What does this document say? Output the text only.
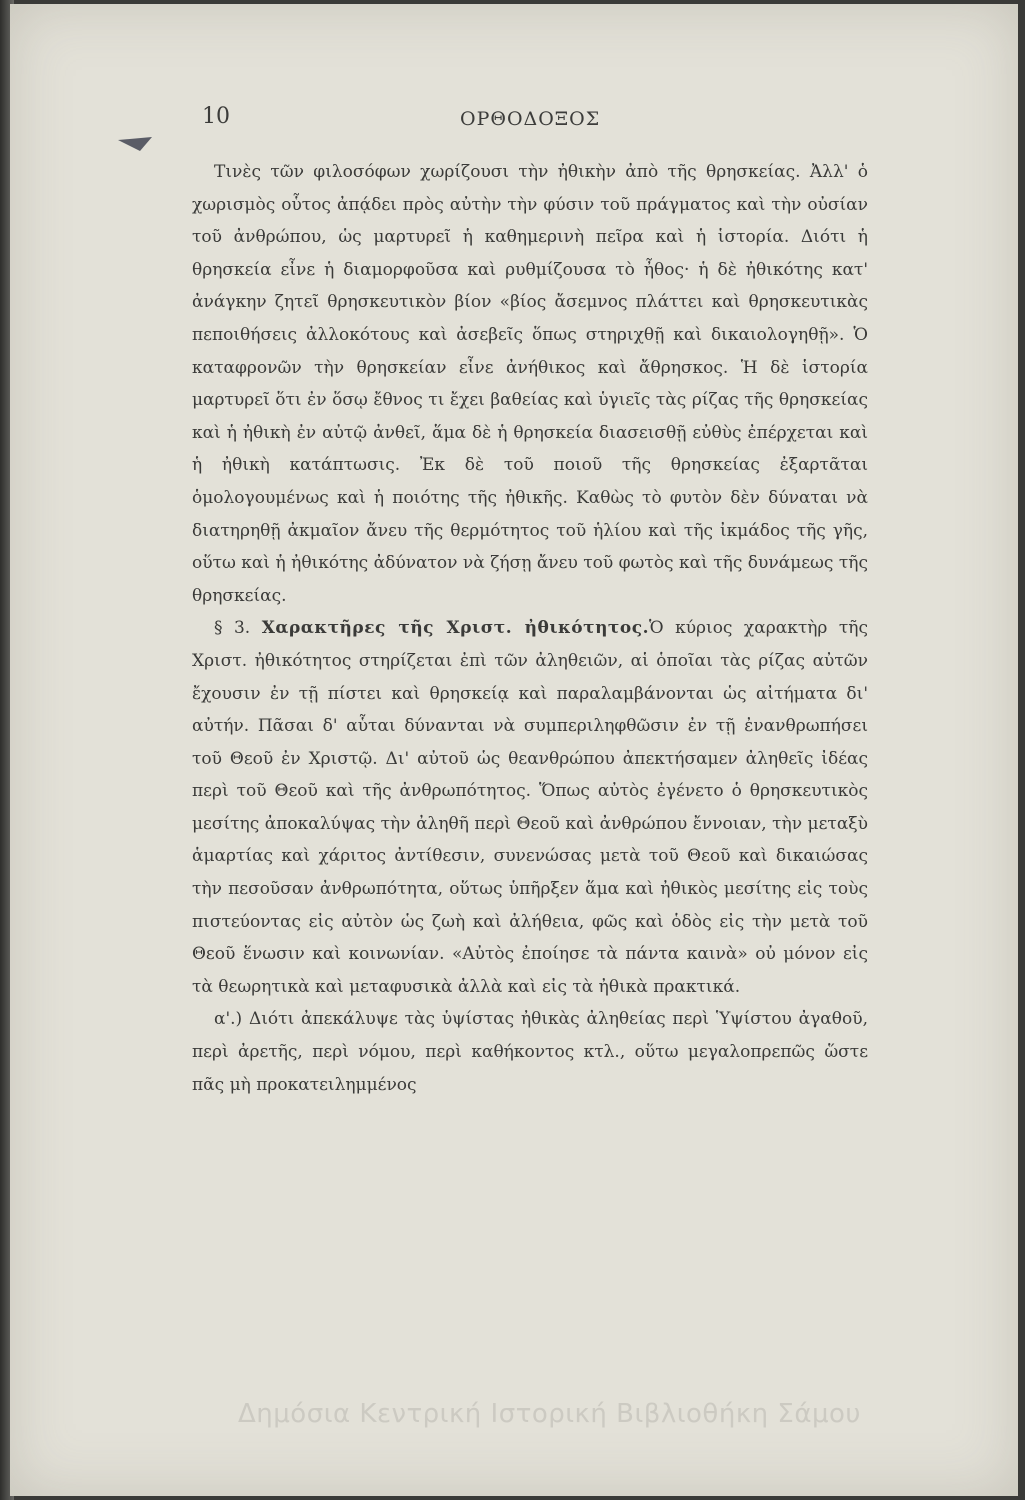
10	ΟΡΘΟΔΟΞΟΣ

Τινὲς τῶν φιλοσόφων χωρίζουσι τὴν ἠθικὴν ἀπὸ τῆς θρησκείας. Ἀλλ' ὁ χωρισμὸς οὗτος ἀπᾴδει πρὸς αὐτὴν τὴν φύσιν τοῦ πράγματος καὶ τὴν οὐσίαν τοῦ ἀνθρώπου, ὡς μαρτυρεῖ ἡ καθημερινὴ πεῖρα καὶ ἡ ἱστορία. Διότι ἡ θρησκεία εἶνε ἡ διαμορφοῦσα καὶ ρυθμίζουσα τὸ ἦθος· ἡ δὲ ἠθικότης κατ' ἀνάγκην ζητεῖ θρησκευτικὸν βίον «βίος ἄσεμνος πλάττει καὶ θρησκευτικὰς πεποιθήσεις ἀλλοκότους καὶ ἀσεβεῖς ὅπως στηριχθῇ καὶ δικαιολογηθῇ». Ὁ καταφρονῶν τὴν θρησκείαν εἶνε ἀνήθικος καὶ ἄθρησκος. Ἡ δὲ ἱστορία μαρτυρεῖ ὅτι ἐν ὅσῳ ἔθνος τι ἔχει βαθείας καὶ ὑγιεῖς τὰς ρίζας τῆς θρησκείας καὶ ἡ ἠθικὴ ἐν αὐτῷ ἀνθεῖ, ἅμα δὲ ἡ θρησκεία διασεισθῇ εὐθὺς ἐπέρχεται καὶ ἡ ἠθικὴ κατάπτωσις. Ἐκ δὲ τοῦ ποιοῦ τῆς θρησκείας ἐξαρτᾶται ὁμολογουμένως καὶ ἡ ποιότης τῆς ἠθικῆς. Καθὼς τὸ φυτὸν δὲν δύναται νὰ διατηρηθῇ ἀκμαῖον ἄνευ τῆς θερμότητος τοῦ ἡλίου καὶ τῆς ἰκμάδος τῆς γῆς, οὕτω καὶ ἡ ἠθικότης ἀδύνατον νὰ ζήσῃ ἄνευ τοῦ φωτὸς καὶ τῆς δυνάμεως τῆς θρησκείας.

§ 3. Χαρακτῆρες τῆς Χριστ. ἠθικότητος.Ὁ κύριος χαρακτὴρ τῆς Χριστ. ἠθικότητος στηρίζεται ἐπὶ τῶν ἀληθειῶν, αἱ ὁποῖαι τὰς ρίζας αὐτῶν ἔχουσιν ἐν τῇ πίστει καὶ θρησκείᾳ καὶ παραλαμβάνονται ὡς αἰτήματα δι' αὐτήν. Πᾶσαι δ' αὗται δύνανται νὰ συμπεριληφθῶσιν ἐν τῇ ἐνανθρωπήσει τοῦ Θεοῦ ἐν Χριστῷ. Δι' αὐτοῦ ὡς θεανθρώπου ἀπεκτήσαμεν ἀληθεῖς ἰδέας περὶ τοῦ Θεοῦ καὶ τῆς ἀνθρωπότητος. Ὅπως αὐτὸς ἐγένετο ὁ θρησκευτικὸς μεσίτης ἀποκαλύψας τὴν ἀληθῆ περὶ Θεοῦ καὶ ἀνθρώπου ἔννοιαν, τὴν μεταξὺ ἁμαρτίας καὶ χάριτος ἀντίθεσιν, συνενώσας μετὰ τοῦ Θεοῦ καὶ δικαιώσας τὴν πεσοῦσαν ἀνθρωπότητα, οὕτως ὑπῆρξεν ἅμα καὶ ἠθικὸς μεσίτης εἰς τοὺς πιστεύοντας εἰς αὐτὸν ὡς ζωὴ καὶ ἀλήθεια, φῶς καὶ ὁδὸς εἰς τὴν μετὰ τοῦ Θεοῦ ἕνωσιν καὶ κοινωνίαν. «Αὐτὸς ἐποίησε τὰ πάντα καινὰ» οὐ μόνον εἰς τὰ θεωρητικὰ καὶ μεταφυσικὰ ἀλλὰ καὶ εἰς τὰ ἠθικὰ πρακτικά.

α'.) Διότι ἀπεκάλυψε τὰς ὑψίστας ἠθικὰς ἀληθείας περὶ Ὑψίστου ἀγαθοῦ, περὶ ἀρετῆς, περὶ νόμου, περὶ καθήκοντος κτλ., οὕτω μεγαλοπρεπῶς ὥστε πᾶς μὴ προκατειλημμένος

Δημόσια Κεντρική Ιστορική Βιβλιοθήκη Σάμου
